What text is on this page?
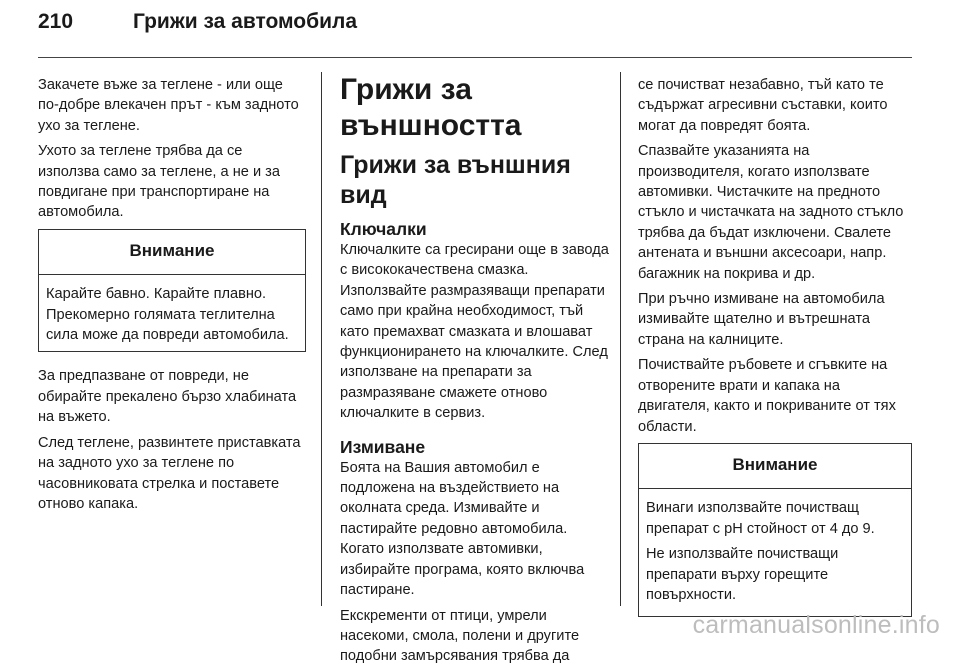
210	Грижи за автомобила

Закачете въже за теглене - или още по-добре влекачен прът - към задното ухо за теглене.

Ухото за теглене трябва да се използва само за теглене, а не и за повдигане при транспортиране на автомобила.

Внимание
Карайте бавно. Карайте плавно. Прекомерно голямата теглителна сила може да повреди автомобила.

За предпазване от повреди, не обирайте прекалено бързо хлабината на въжето.

След теглене, развинтете приставката на задното ухо за теглене по часовниковата стрелка и поставете отново капака.

Грижи за външността
Грижи за външния вид
Ключалки

Ключалките са гресирани още в завода с висококачествена смазка. Използвайте размразяващи препарати само при крайна необходимост, тъй като премахват смазката и влошават функционирането на ключалките. След използване на препарати за размразяване смажете отново ключалките в сервиз.

Измиване

Боята на Вашия автомобил е подложена на въздействието на околната среда. Измивайте и пастирайте редовно автомобила. Когато използвате автомивки, избирайте програма, която включва пастиране.

Екскременти от птици, умрели насекоми, смола, полени и другите подобни замърсявания трябва да

се почистват незабавно, тъй като те съдържат агресивни съставки, които могат да повредят боята.

Спазвайте указанията на производителя, когато използвате автомивки. Чистачките на предното стъкло и чистачката на задното стъкло трябва да бъдат изключени. Свалете антената и външни аксесоари, напр. багажник на покрива и др.

При ръчно измиване на автомобила измивайте щателно и вътрешната страна на калниците.

Почиствайте ръбовете и сгъвките на отворените врати и капака на двигателя, както и покриваните от тях области.

Внимание

Винаги използвайте почистващ препарат с pH стойност от 4 до 9.

Не използвайте почистващи препарати върху горещите повърхности.

carmanualsonline.info
